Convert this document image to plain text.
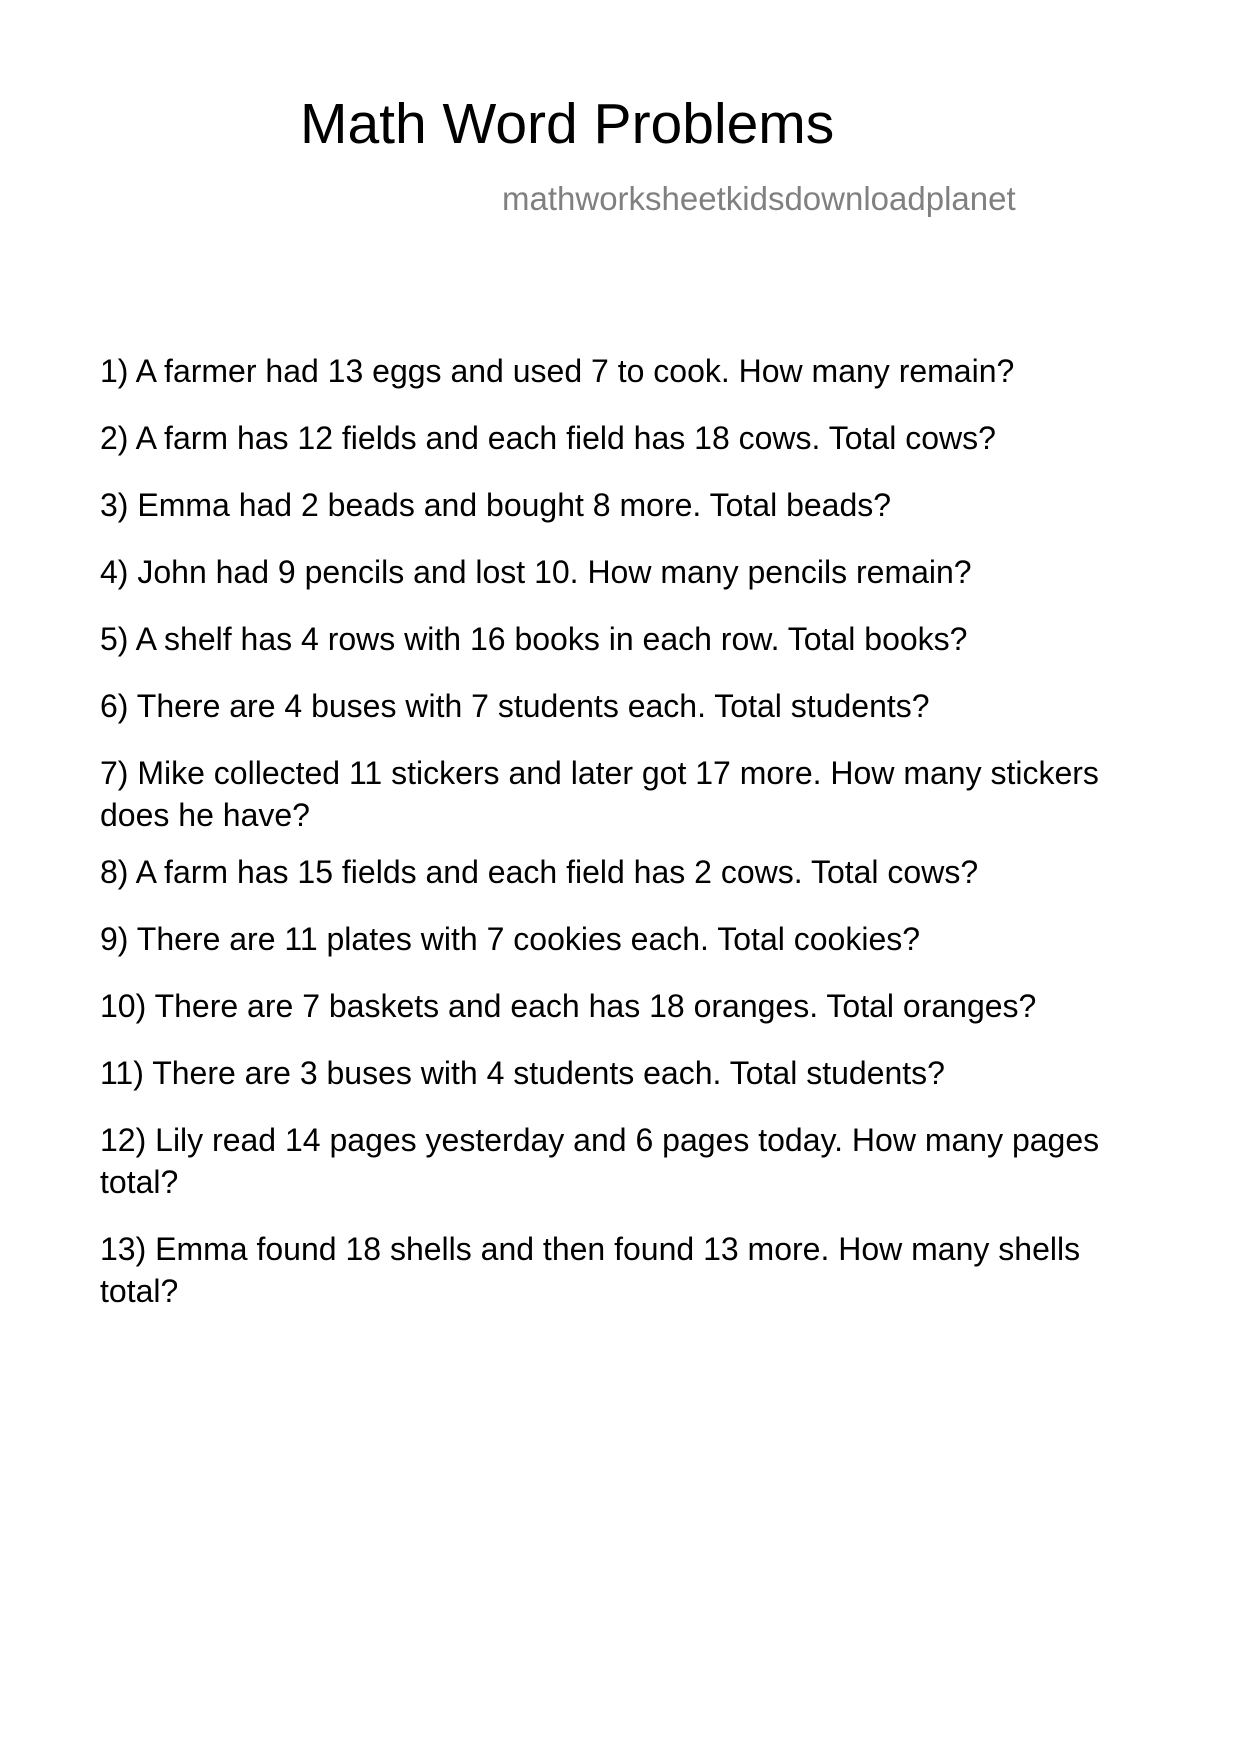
Math Word Problems
mathworksheetkidsdownloadplanet
1) A farmer had 13 eggs and used 7 to cook. How many remain?
2) A farm has 12 fields and each field has 18 cows. Total cows?
3) Emma had 2 beads and bought 8 more. Total beads?
4) John had 9 pencils and lost 10. How many pencils remain?
5) A shelf has 4 rows with 16 books in each row. Total books?
6) There are 4 buses with 7 students each. Total students?
7) Mike collected 11 stickers and later got 17 more. How many stickers does he have?
8) A farm has 15 fields and each field has 2 cows. Total cows?
9) There are 11 plates with 7 cookies each. Total cookies?
10) There are 7 baskets and each has 18 oranges. Total oranges?
11) There are 3 buses with 4 students each. Total students?
12) Lily read 14 pages yesterday and 6 pages today. How many pages total?
13) Emma found 18 shells and then found 13 more. How many shells total?
